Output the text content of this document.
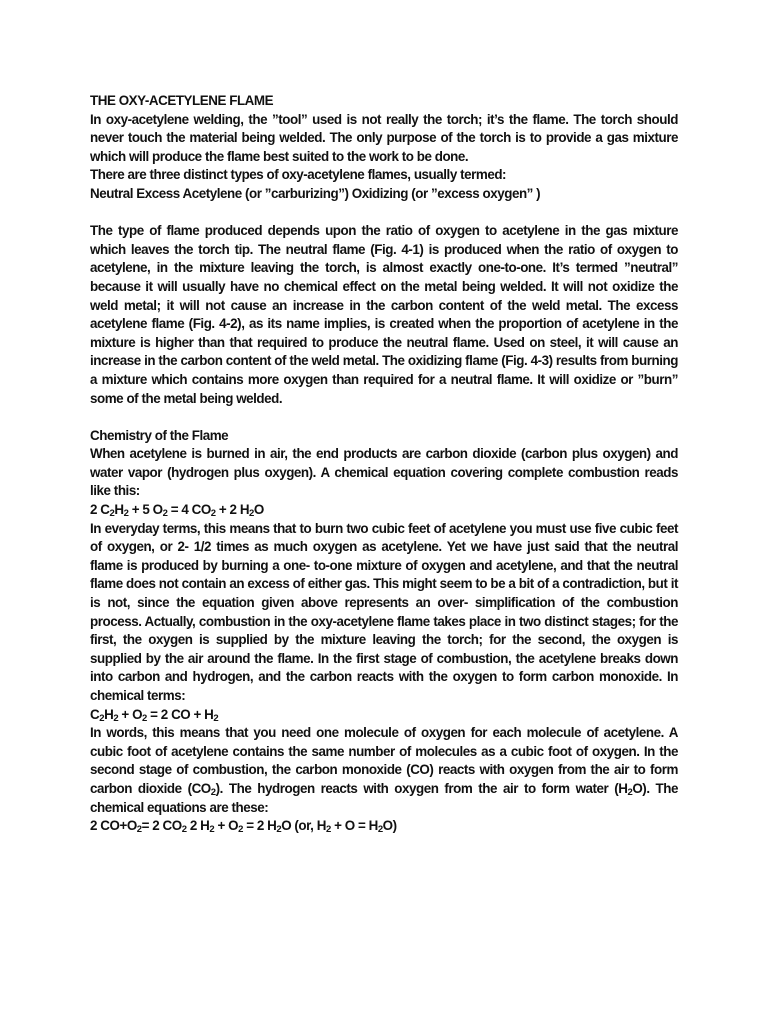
THE OXY-ACETYLENE FLAME

In oxy-acetylene welding, the ”tool” used is not really the torch; it’s the flame. The torch should never touch the material being welded. The only purpose of the torch is to provide a gas mixture which will produce the flame best suited to the work to be done.

There are three distinct types of oxy-acetylene flames, usually termed:

Neutral Excess Acetylene (or ”carburizing”) Oxidizing (or ”excess oxygen” )

The type of flame produced depends upon the ratio of oxygen to acetylene in the gas mixture which leaves the torch tip. The neutral flame (Fig. 4-1) is produced when the ratio of oxygen to acetylene, in the mixture leaving the torch, is almost exactly one-to-one. It’s termed ”neutral” because it will usually have no chemical effect on the metal being welded. It will not oxidize the weld metal; it will not cause an increase in the carbon content of the weld metal. The excess acetylene flame (Fig. 4-2), as its name implies, is created when the proportion of acetylene in the mixture is higher than that required to produce the neutral flame. Used on steel, it will cause an increase in the carbon content of the weld metal. The oxidizing flame (Fig. 4-3) results from burning a mixture which contains more oxygen than required for a neutral flame. It will oxidize or ”burn” some of the metal being welded.

Chemistry of the Flame

When acetylene is burned in air, the end products are carbon dioxide (carbon plus oxygen) and water vapor (hydrogen plus oxygen). A chemical equation covering complete combustion reads like this:

2 $C_2H_2 + 5$ $O_2 = 4$ $CO_2 + 2$ $H_2O$

In everyday terms, this means that to burn two cubic feet of acetylene you must use five cubic feet of oxygen, or 2- 1/2 times as much oxygen as acetylene. Yet we have just said that the neutral flame is produced by burning a one- to-one mixture of oxygen and acetylene, and that the neutral flame does not contain an excess of either gas. This might seem to be a bit of a contradiction, but it is not, since the equation given above represents an over- simplification of the combustion process. Actually, combustion in the oxy-acetylene flame takes place in two distinct stages; for the first, the oxygen is supplied by the mixture leaving the torch; for the second, the oxygen is supplied by the air around the flame. In the first stage of combustion, the acetylene breaks down into carbon and hydrogen, and the carbon reacts with the oxygen to form carbon monoxide. In chemical terms:

$C_2H_2 + O_2 = 2$ CO + $H_2$

In words, this means that you need one molecule of oxygen for each molecule of acetylene. A cubic foot of acetylene contains the same number of molecules as a cubic foot of oxygen. In the second stage of combustion, the carbon monoxide (CO) reacts with oxygen from the air to form carbon dioxide $(CO_2)$. The hydrogen reacts with oxygen from the air to form water $(H_2O)$. The chemical equations are these:

2 $CO+O_2= 2$ $CO_2$ 2 $H_2 + O_2 = 2$ $H_2O$ (or, $H_2 + O = H_2O$)
